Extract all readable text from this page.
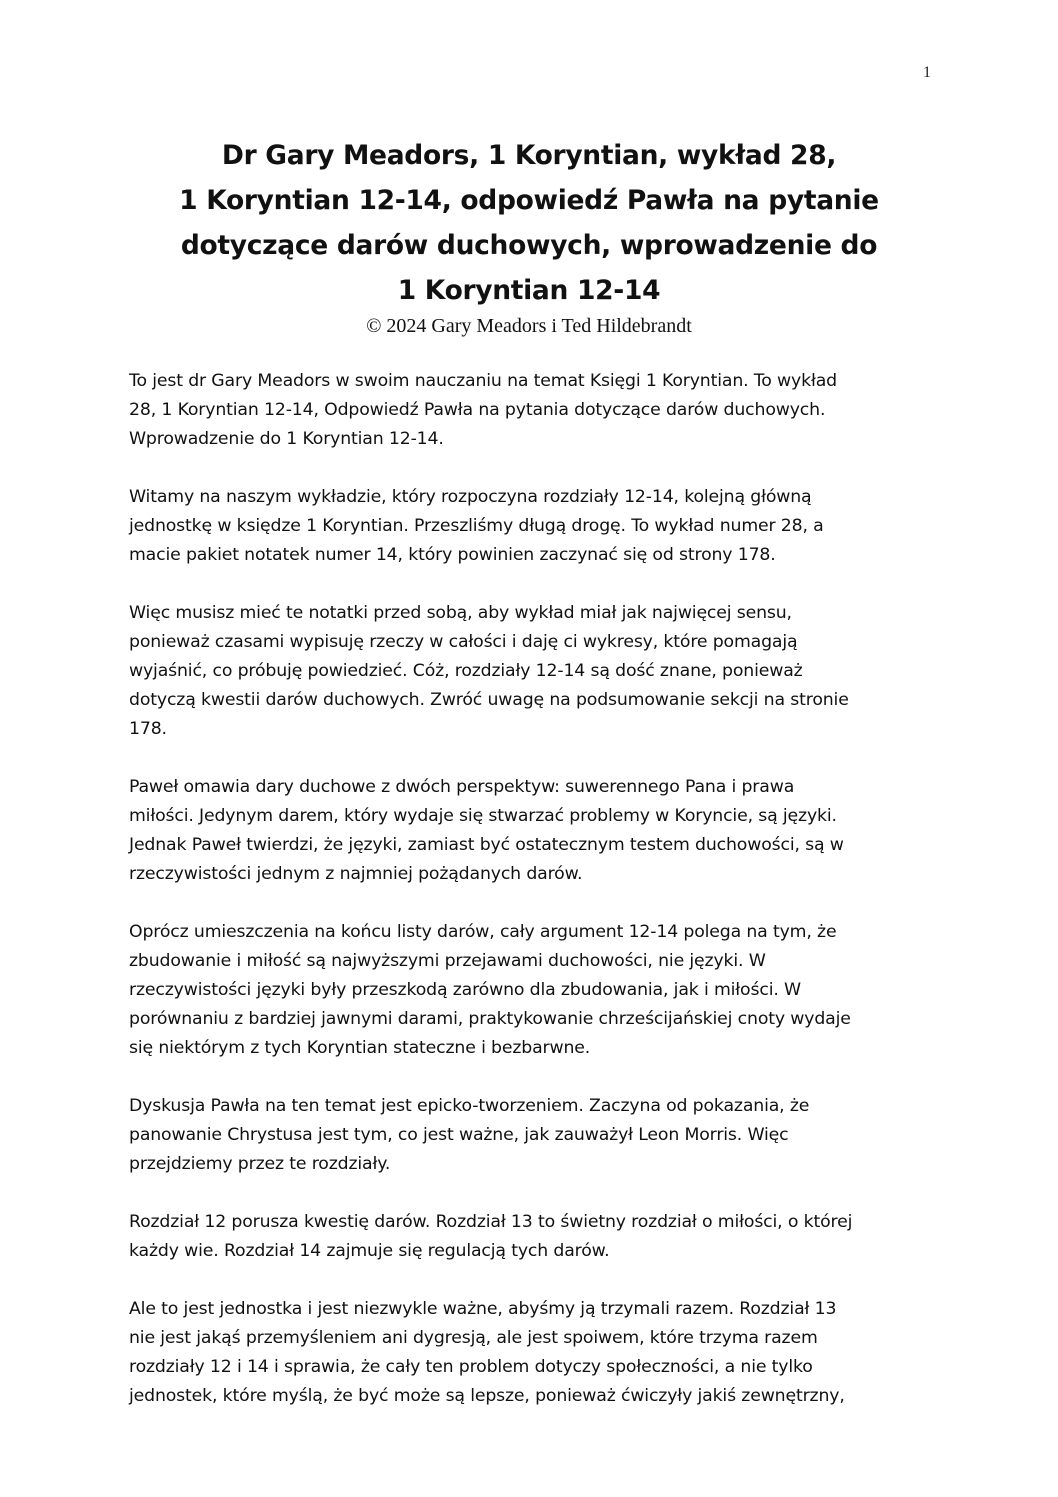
1
Dr Gary Meadors, 1 Koryntian, wykład 28,
1 Koryntian 12-14, odpowiedź Pawła na pytanie
dotyczące darów duchowych, wprowadzenie do
1 Koryntian 12-14
© 2024 Gary Meadors i Ted Hildebrandt

To jest dr Gary Meadors w swoim nauczaniu na temat Księgi 1 Koryntian. To wykład
28, 1 Koryntian 12-14, Odpowiedź Pawła na pytania dotyczące darów duchowych.
Wprowadzenie do 1 Koryntian 12-14.

Witamy na naszym wykładzie, który rozpoczyna rozdziały 12-14, kolejną główną
jednostkę w księdze 1 Koryntian. Przeszliśmy długą drogę. To wykład numer 28, a
macie pakiet notatek numer 14, który powinien zaczynać się od strony 178.

Więc musisz mieć te notatki przed sobą, aby wykład miał jak najwięcej sensu,
ponieważ czasami wypisuję rzeczy w całości i daję ci wykresy, które pomagają
wyjaśnić, co próbuję powiedzieć. Cóż, rozdziały 12-14 są dość znane, ponieważ
dotyczą kwestii darów duchowych. Zwróć uwagę na podsumowanie sekcji na stronie
178.

Paweł omawia dary duchowe z dwóch perspektyw: suwerennego Pana i prawa
miłości. Jedynym darem, który wydaje się stwarzać problemy w Koryncie, są języki.
Jednak Paweł twierdzi, że języki, zamiast być ostatecznym testem duchowości, są w
rzeczywistości jednym z najmniej pożądanych darów.

Oprócz umieszczenia na końcu listy darów, cały argument 12-14 polega na tym, że
zbudowanie i miłość są najwyższymi przejawami duchowości, nie języki. W
rzeczywistości języki były przeszkodą zarówno dla zbudowania, jak i miłości. W
porównaniu z bardziej jawnymi darami, praktykowanie chrześcijańskiej cnoty wydaje
się niektórym z tych Koryntian stateczne i bezbarwne.

Dyskusja Pawła na ten temat jest epicko-tworzeniem. Zaczyna od pokazania, że
panowanie Chrystusa jest tym, co jest ważne, jak zauważył Leon Morris. Więc
przejdziemy przez te rozdziały.

Rozdział 12 porusza kwestię darów. Rozdział 13 to świetny rozdział o miłości, o której
każdy wie. Rozdział 14 zajmuje się regulacją tych darów.

Ale to jest jednostka i jest niezwykle ważne, abyśmy ją trzymali razem. Rozdział 13
nie jest jakąś przemyśleniem ani dygresją, ale jest spoiwem, które trzyma razem
rozdziały 12 i 14 i sprawia, że cały ten problem dotyczy społeczności, a nie tylko
jednostek, które myślą, że być może są lepsze, ponieważ ćwiczyły jakiś zewnętrzny,
